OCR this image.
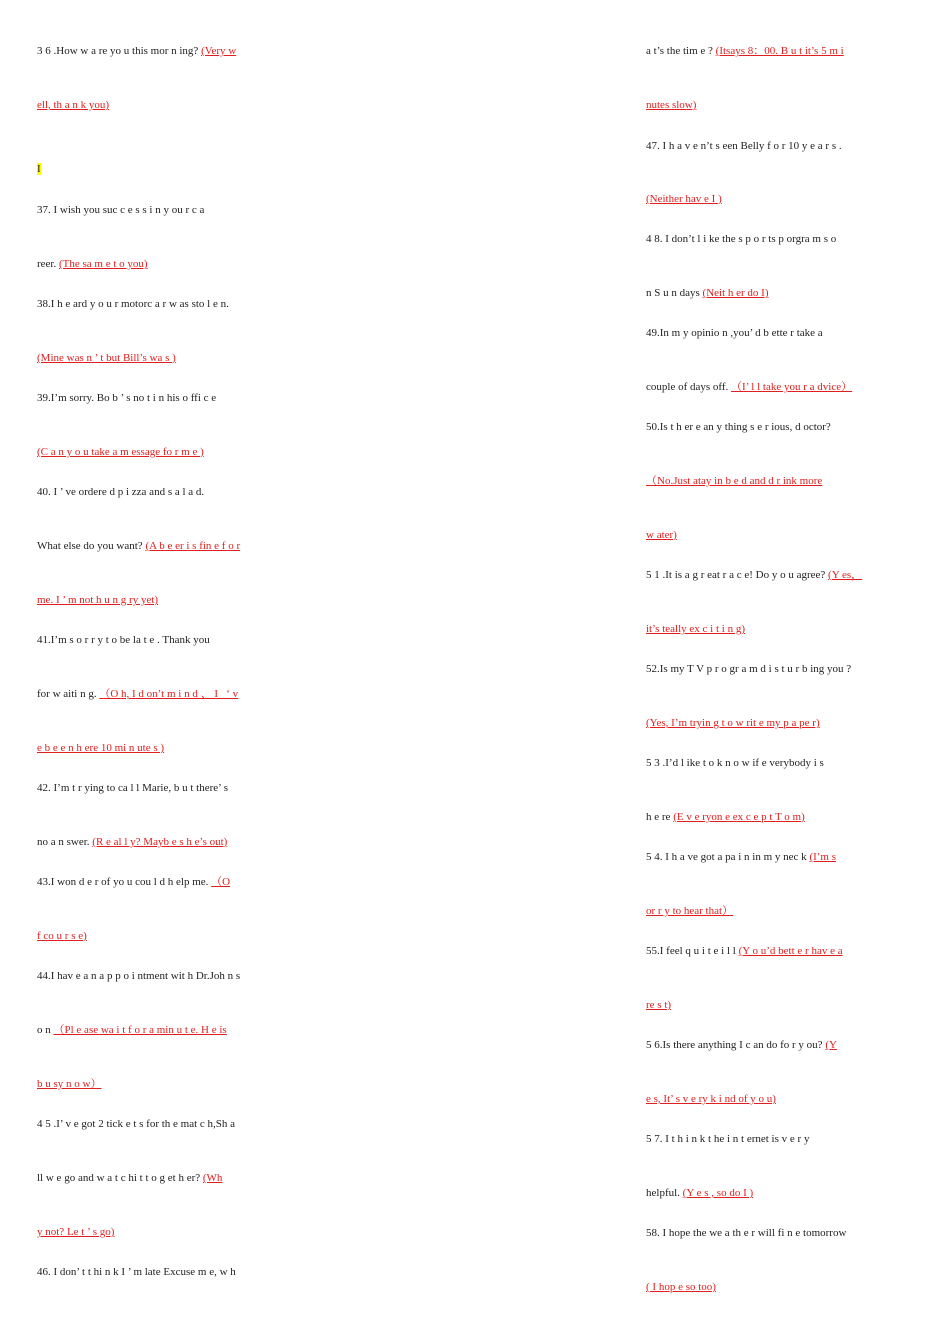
3 6 .How w a re yo u this mor n ing? (Very w
ell, th a n k you)
I
37. I wish you suc c e s s i n y ou r c a
reer. (The sa m e t o you)
38.I h e ard y o u r motorc a r w as sto l e n.
(Mine was n ’ t but Bill’s wa s )
39.I’m sorry. Bo b ’ s no t i n his o ffi c e
(C a n y o u take a m essage fo r m e )
40. I ’ ve ordere d p i zza and s a l a d.
What else do you want? (A b e er i s fin e f o r
me. I ’ m not h u n g ry yet)
41.I’m s o r r y t o be la t e . Thank you
for w aiti n g. （O h, I d on’t m i n d 、 I _‘ v
e b e e n h ere 10 mi n ute s )
42. I’m t r ying to ca l l Marie, b u t there’ s
no a n swer. (R e al l y? Mayb e s h e’s out)
43.I won d e r of yo u cou l d h elp me. （O
f co u r s e)
44.I hav e a n a p p o i ntment wit h Dr.Joh n s
o n （Pl e ase wa i t f o r a min u t e. H e is
b u sy n o w）
4 5 .I’ v e got 2 tick e t s for th e mat c h,Sh a
ll w e go and w a t c hi t t o g et h er? (Wh
y not? Le t ’ s go)
46. I don’ t t hi n k I ’ m late Excuse m e, w h
a t’s the tim e ? (Itsays 8：00. B u t it’s 5 m i
nutes slow)
47. I h a v e n’t s een Belly f o r 10 y e a r s .
(Neither hav e I )
4 8. I don’t l i ke the s p o r ts p orgra m s o
n S u n days (Neit h er do I)
49.In m y opinio n ,you’ d b ette r take a
couple of days off. （I’ l l take you r a dvice）
50.Is t h er e an y thing s e r ious, d octor?
（No.Just atay in b e d and d r ink more
w ater)
5 1 .It is a g r eat r a c e! Do y o u agree? (Y es，
it’s teally ex c i t i n g)
52.Is my T V p r o gr a m d i s t u r b ing you ?
(Yes, I’m tryin g t o w rit e my p a pe r)
5 3 .I’d l ike t o k n o w if e verybody i s
h e re (E v e ryon e ex c e p t T o m)
5 4. I h a ve got a pa i n in m y nec k (I’m s
or r y to hear that）
55.I feel q u i t e i l l (Y o u’d bett e r hav e a
re s t)
5 6.Is there anything I c an do fo r y ou? (Y
e s, It’ s v e ry k i nd of y o u)
5 7. I t h i n k t he i n t ernet is v e r y
helpful. (Y e s , so do I )
58. I hope the we a th e r will fi n e tomorrow
( I hop e so too)
